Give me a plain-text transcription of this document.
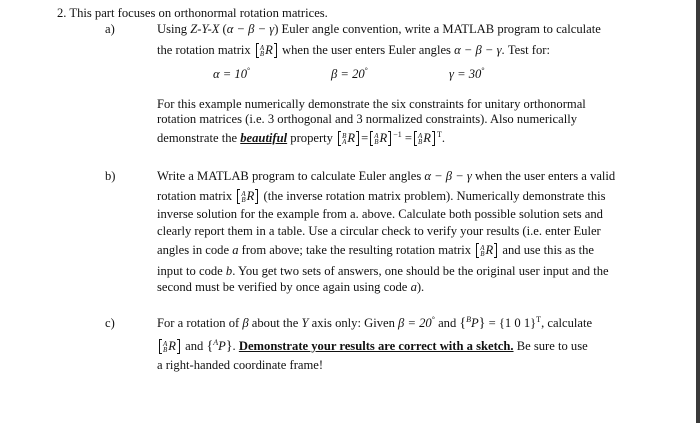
2. This part focuses on orthonormal rotation matrices.
a)	Using Z-Y-X (α − β − γ) Euler angle convention, write a MATLAB program to calculate
the rotation matrix A
B R when the user enters Euler angles α − β − γ. Test for:
α = 10°	β = 20°	γ = 30°
For this example numerically demonstrate the six constraints for unitary orthonormal
rotation matrices (i.e. 3 orthogonal and 3 normalized constraints). Also numerically
demonstrate the beautiful property B
A R = A
B R $^{-1}$ = A
B R $^T$.
b)	Write a MATLAB program to calculate Euler angles α − β − γ when the user enters a valid
rotation matrix A
B R (the inverse rotation matrix problem). Numerically demonstrate this
inverse solution for the example from a. above. Calculate both possible solution sets and
clearly report them in a table. Use a circular check to verify your results (i.e. enter Euler
angles in code a from above; take the resulting rotation matrix A
B R and use this as the
input to code b. You get two sets of answers, one should be the original user input and the
second must be verified by once again using code a).
c)	For a rotation of β about the Y axis only: Given β = 20° and {$^B$P} = {1 0 1}$^T$, calculate
A
B R and {$^A$P}. Demonstrate your results are correct with a sketch. Be sure to use
a right-handed coordinate frame!
